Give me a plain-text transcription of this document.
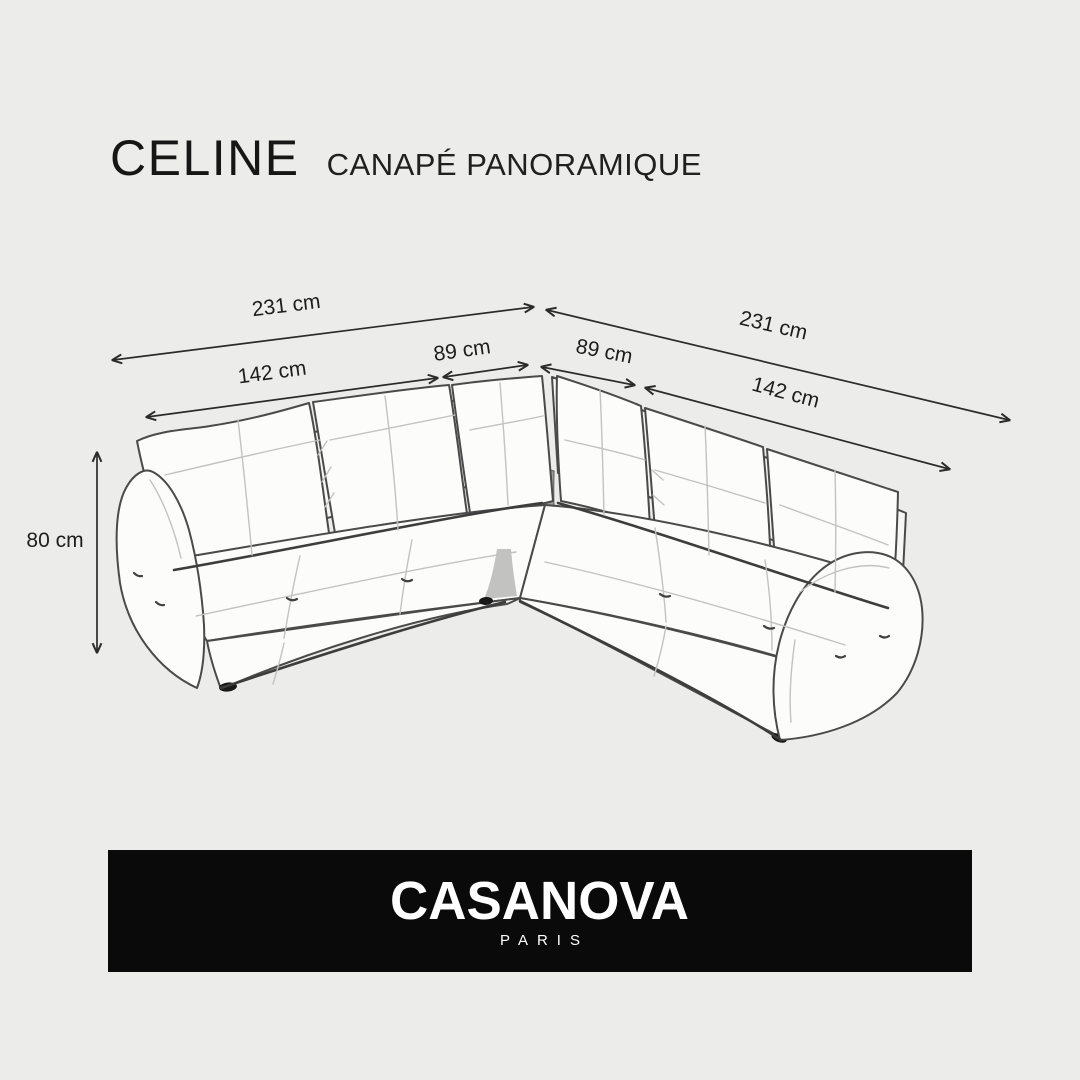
CELINE CANAPÉ PANORAMIQUE
231 cm
231 cm
142 cm
89 cm	89 cm
142 cm
80 cm
CASANOVA
PARIS
